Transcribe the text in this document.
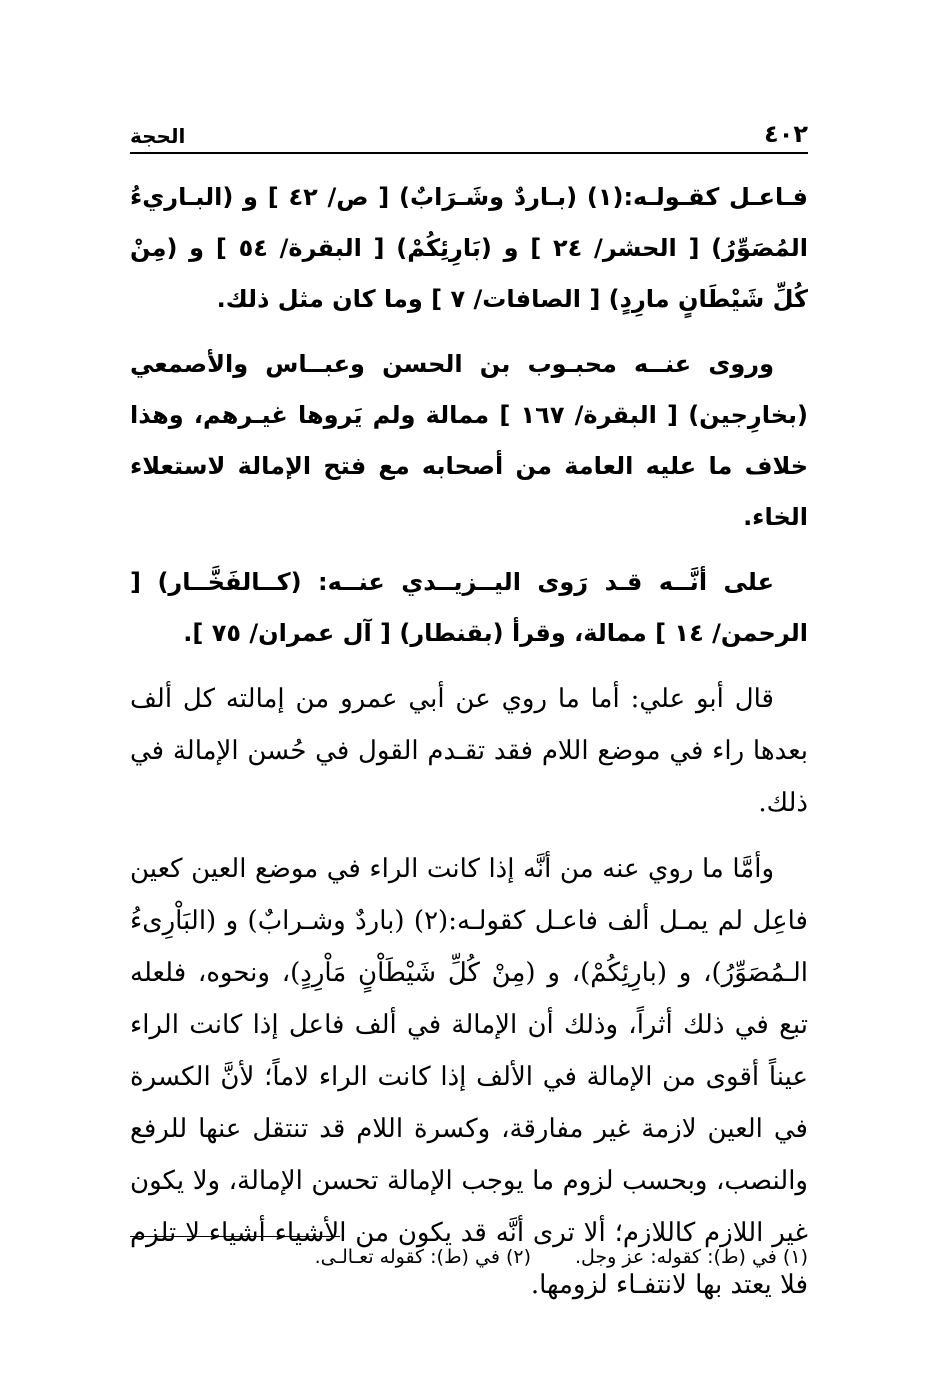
٤٠٢
الحجة

فـاعـل كقـولـه:(١) (بـاردٌ وشَـرَابٌ) [ ص/ ٤٢ ] و (البـاريءُ المُصَوِّرُ) [ الحشر/ ٢٤ ] و (بَارِئِكُمْ) [ البقرة/ ٥٤ ] و (مِنْ كُلِّ شَيْطَانٍ مارِدٍ) [ الصافات/ ٧ ] وما كان مثل ذلك.

وروى عنــه محبـوب بن الحسن وعبــاس والأصمعي (بخارِجين) [ البقرة/ ١٦٧ ] ممالة ولم يَروها غيـرهم، وهذا خلاف ما عليه العامة من أصحابه مع فتح الإمالة لاستعلاء الخاء.

على أنَّــه قـد رَوى اليــزيــدي عنــه: (كــالفَخَّــار) [ الرحمن/ ١٤ ] ممالة، وقرأ (بقنطار) [ آل عمران/ ٧٥ ].

قال أبو علي: أما ما روي عن أبي عمرو من إمالته كل ألف بعدها راء في موضع اللام فقد تقـدم القول في حُسن الإمالة في ذلك.

وأمَّا ما روي عنه من أنَّه إذا كانت الراء في موضع العين كعين فاعِل لم يمـل ألف فاعـل كقولـه:(٢) (باردٌ وشـرابٌ) و (البَاْرِىءُ الـمُصَوِّرُ)، و (بارِئِكُمْ)، و (مِنْ كُلِّ شَيْطَاْنٍ مَاْرِدٍ)، ونحوه، فلعله تبع في ذلك أثراً، وذلك أن الإمالة في ألف فاعل إذا كانت الراء عيناً أقوى من الإمالة في الألف إذا كانت الراء لاماً؛ لأنَّ الكسرة في العين لازمة غير مفارقة، وكسرة اللام قد تنتقل عنها للرفع والنصب، وبحسب لزوم ما يوجب الإمالة تحسن الإمالة، ولا يكون غير اللازم كاللازم؛ ألا ترى أنَّه قد يكون من الأشياء أشياء لا تلزم فلا يعتد بها لانتفـاء لزومها.

(١) في (ط): كقوله: عز وجل.
(٢) في (ط): كقوله تعـالـى.
